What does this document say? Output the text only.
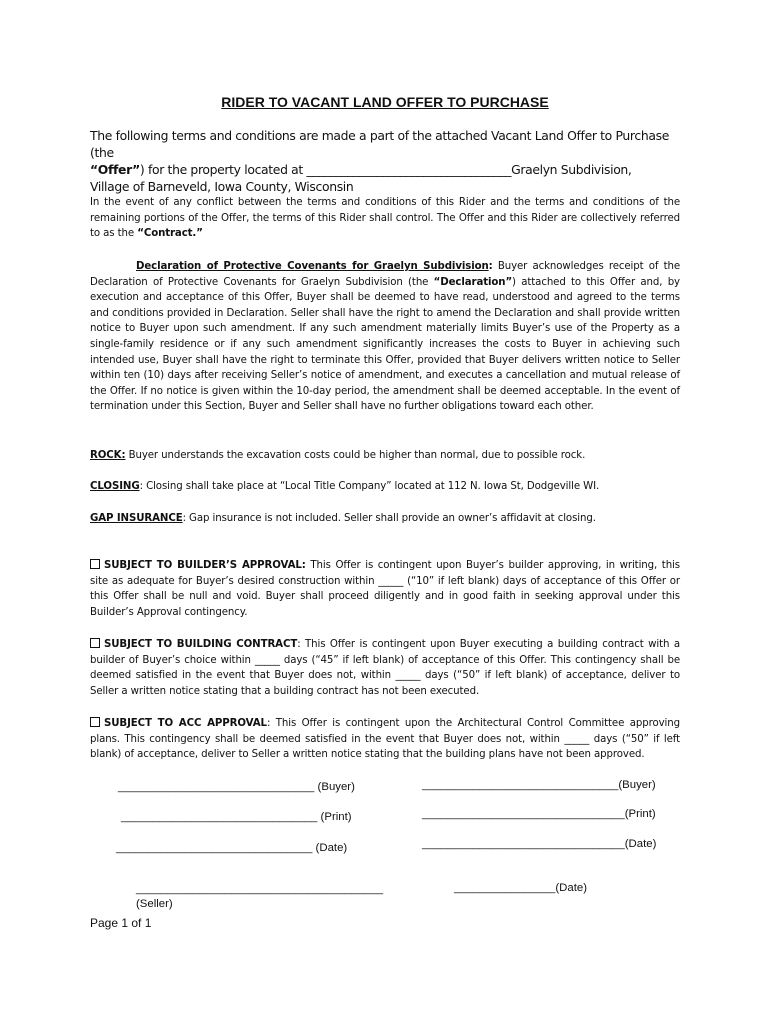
RIDER TO VACANT LAND OFFER TO PURCHASE
The following terms and conditions are made a part of the attached Vacant Land Offer to Purchase (the
“Offer”) for the property located at ___________________________________Graelyn Subdivision,
Village of Barneveld, Iowa County, Wisconsin
In the event of any conflict between the terms and conditions of this Rider and the terms and conditions of the remaining portions of the Offer, the terms of this Rider shall control. The Offer and this Rider are collectively referred to as the “Contract.”
Declaration of Protective Covenants for Graelyn Subdivision: Buyer acknowledges receipt of the Declaration of Protective Covenants for Graelyn Subdivision (the “Declaration”) attached to this Offer and, by execution and acceptance of this Offer, Buyer shall be deemed to have read, understood and agreed to the terms and conditions provided in Declaration. Seller shall have the right to amend the Declaration and shall provide written notice to Buyer upon such amendment. If any such amendment materially limits Buyer’s use of the Property as a single-family residence or if any such amendment significantly increases the costs to Buyer in achieving such intended use, Buyer shall have the right to terminate this Offer, provided that Buyer delivers written notice to Seller within ten (10) days after receiving Seller’s notice of amendment, and executes a cancellation and mutual release of the Offer. If no notice is given within the 10-day period, the amendment shall be deemed acceptable. In the event of termination under this Section, Buyer and Seller shall have no further obligations toward each other.
ROCK: Buyer understands the excavation costs could be higher than normal, due to possible rock.
CLOSING: Closing shall take place at “Local Title Company” located at 112 N. Iowa St, Dodgeville WI.
GAP INSURANCE: Gap insurance is not included. Seller shall provide an owner’s affidavit at closing.
SUBJECT TO BUILDER’S APPROVAL: This Offer is contingent upon Buyer’s builder approving, in writing, this site as adequate for Buyer’s desired construction within _____ (“10” if left blank) days of acceptance of this Offer or this Offer shall be null and void. Buyer shall proceed diligently and in good faith in seeking approval under this Builder’s Approval contingency.
SUBJECT TO BUILDING CONTRACT: This Offer is contingent upon Buyer executing a building contract with a builder of Buyer’s choice within _____ days (“45” if left blank) of acceptance of this Offer. This contingency shall be deemed satisfied in the event that Buyer does not, within _____ days (“50” if left blank) of acceptance, deliver to Seller a written notice stating that a building contract has not been executed.
SUBJECT TO ACC APPROVAL: This Offer is contingent upon the Architectural Control Committee approving plans. This contingency shall be deemed satisfied in the event that Buyer does not, within _____ days (“50” if left blank) of acceptance, deliver to Seller a written notice stating that the building plans have not been approved.
_______________________________ (Buyer)	_______________________________(Buyer)
_______________________________ (Print)	________________________________(Print)
_______________________________ (Date)	________________________________(Date)
_______________________________________	________________(Date)
(Seller)
Page 1 of 1
